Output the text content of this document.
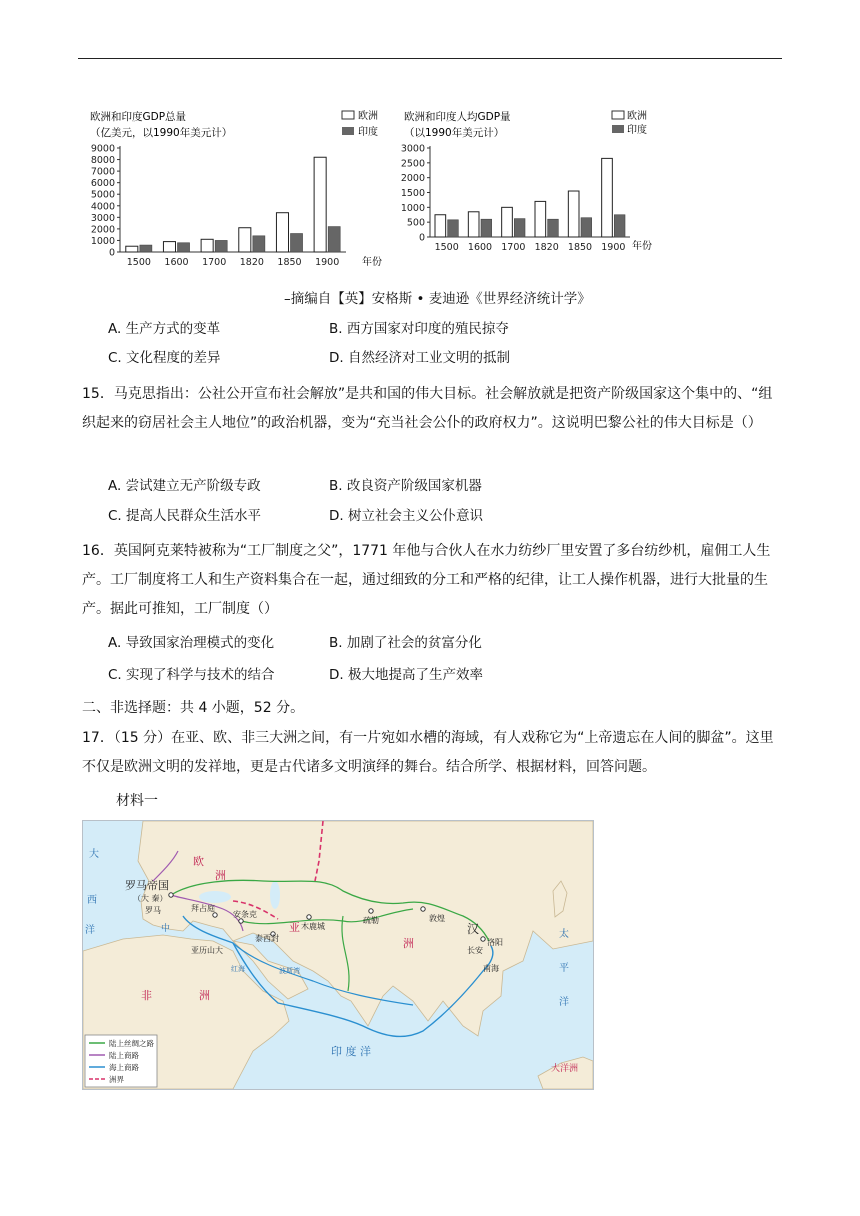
欧洲和印度GDP总量
（亿美元，以1990年美元计）
欧洲
印度
年份
0
1000
2000
3000
4000
5000
6000
7000
8000
9000
1500 1600 1700 1820 1850 1900
欧洲和印度人均GDP量
（以1990年美元计）
欧洲
印度
年份
0
500
1000
1500
2000
2500
3000
1500 1600 1700 1820 1850 1900
–摘编自【英】安格斯 • 麦迪逊《世界经济统计学》
A. 生产方式的变革	B. 西方国家对印度的殖民掠夺
C. 文化程度的差异	D. 自然经济对工业文明的抵制
15．马克思指出：公社公开宣布社会解放”是共和国的伟大目标。社会解放就是把资产阶级国家这个集中的、“组织起来的窃居社会主人地位”的政治机器，变为“充当社会公仆的政府权力”。这说明巴黎公社的伟大目标是（）
A. 尝试建立无产阶级专政	B. 改良资产阶级国家机器
C. 提高人民群众生活水平	D. 树立社会主义公仆意识
16．英国阿克莱特被称为“工厂制度之父”，1771 年他与合伙人在水力纺纱厂里安置了多台纺纱机，雇佣工人生产。工厂制度将工人和生产资料集合在一起，通过细致的分工和严格的纪律，让工人操作机器，进行大批量的生产。据此可推知，工厂制度（）
A. 导致国家治理模式的变化	B. 加剧了社会的贫富分化
C. 实现了科学与技术的结合	D. 极大地提高了生产效率
二、非选择题：共 4 小题，52 分。
17．（15 分）在亚、欧、非三大洲之间，有一片宛如水槽的海域，有人戏称它为“上帝遗忘在人间的脚盆”。这里不仅是欧洲文明的发祥地，更是古代诸多文明演绎的舞台。结合所学、根据材料，回答问题。
材料一
欧
洲
罗马帝国
（大 秦）
罗马	拜占庭
安条克
木鹿城
疏勒	敦煌
汉
洛阳
长安
南海
泰西封
亚历山大
亚
洲
非	洲
大
西
洋	中	太
平
洋
印 度 洋
大洋洲
红海	波斯湾
陆上丝绸之路
陆上商路
海上商路
洲界
